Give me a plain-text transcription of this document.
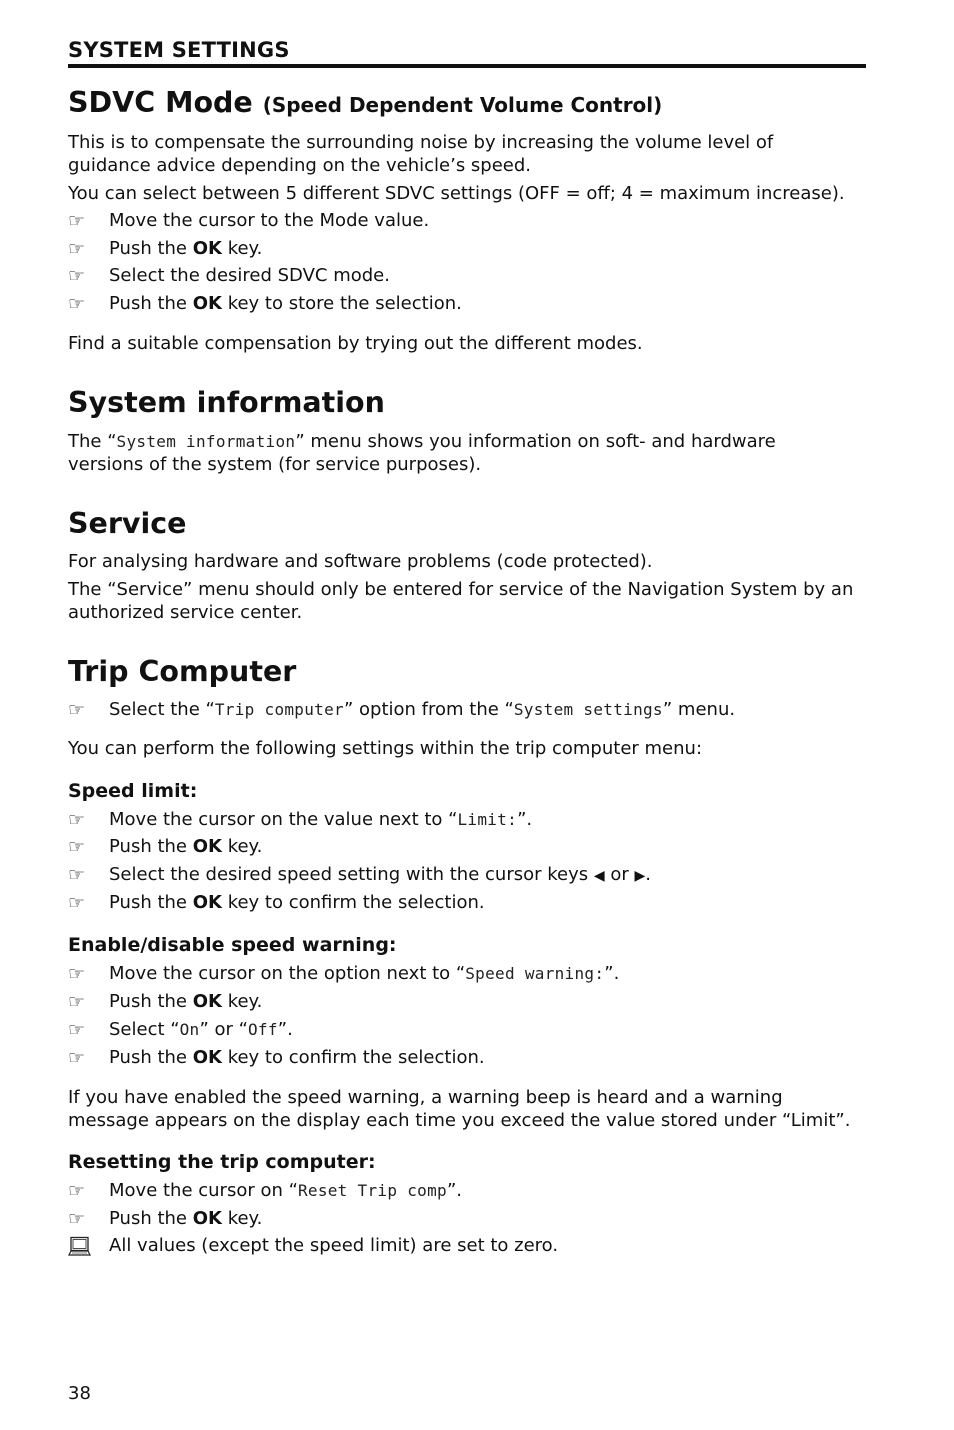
SYSTEM SETTINGS
SDVC Mode (Speed Dependent Volume Control)

This is to compensate the surrounding noise by increasing the volume level of guidance advice depending on the vehicle’s speed.

You can select between 5 different SDVC settings (OFF = off; 4 = maximum increase).

☞	Move the cursor to the Mode value.
☞	Push the OK key.
☞	Select the desired SDVC mode.
☞	Push the OK key to store the selection.

Find a suitable compensation by trying out the different modes.

System information

The “System information” menu shows you information on soft- and hardware versions of the system (for service purposes).

Service

For analysing hardware and software problems (code protected).

The “Service” menu should only be entered for service of the Navigation System by an authorized service center.

Trip Computer
☞	Select the “Trip computer” option from the “System settings” menu.

You can perform the following settings within the trip computer menu:

Speed limit:
☞	Move the cursor on the value next to “Limit:”.
☞	Push the OK key.
☞	Select the desired speed setting with the cursor keys ◀ or ▶.
☞	Push the OK key to confirm the selection.
Enable/disable speed warning:
☞	Move the cursor on the option next to “Speed warning:”.
☞	Push the OK key.
☞	Select “On” or “Off”.
☞	Push the OK key to confirm the selection.

If you have enabled the speed warning, a warning beep is heard and a warning message appears on the display each time you exceed the value stored under “Limit”.

Resetting the trip computer:
☞	Move the cursor on “Reset Trip comp”.
☞	Push the OK key.
All values (except the speed limit) are set to zero.
38
